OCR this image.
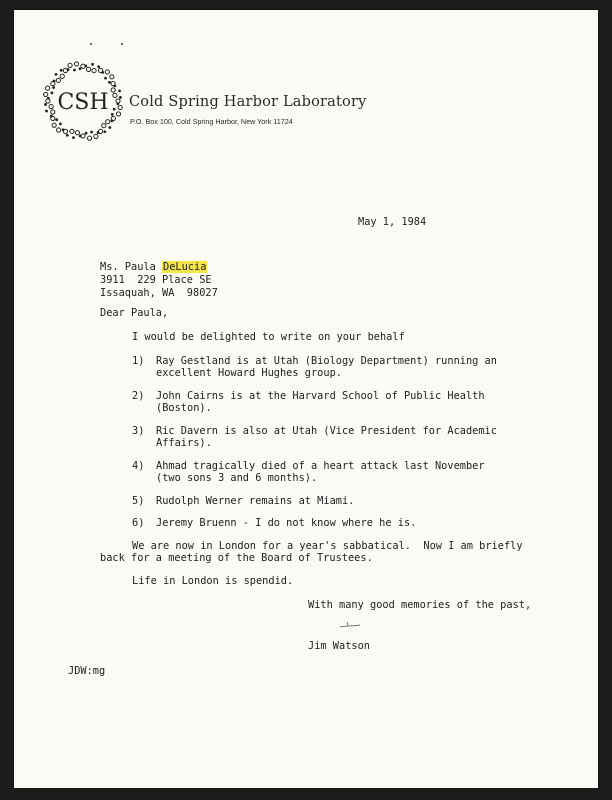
CSH Cold Spring Harbor Laboratory
P.O. Box 100, Cold Spring Harbor, New York 11724
May 1, 1984
Ms. Paula DeLucia
3911  229 Place SE
Issaquah, WA  98027
Dear Paula,
I would be delighted to write on your behalf
1) Ray Gestland is at Utah (Biology Department) running an
excellent Howard Hughes group.
2) John Cairns is at the Harvard School of Public Health
(Boston).
3) Ric Davern is also at Utah (Vice President for Academic
Affairs).
4) Ahmad tragically died of a heart attack last November
(two sons 3 and 6 months).
5) Rudolph Werner remains at Miami.
6) Jeremy Bruenn - I do not know where he is.
We are now in London for a year's sabbatical.  Now I am briefly
back for a meeting of the Board of Trustees.
Life in London is spendid.
With many good memories of the past,
Jim Watson
JDW:mg
